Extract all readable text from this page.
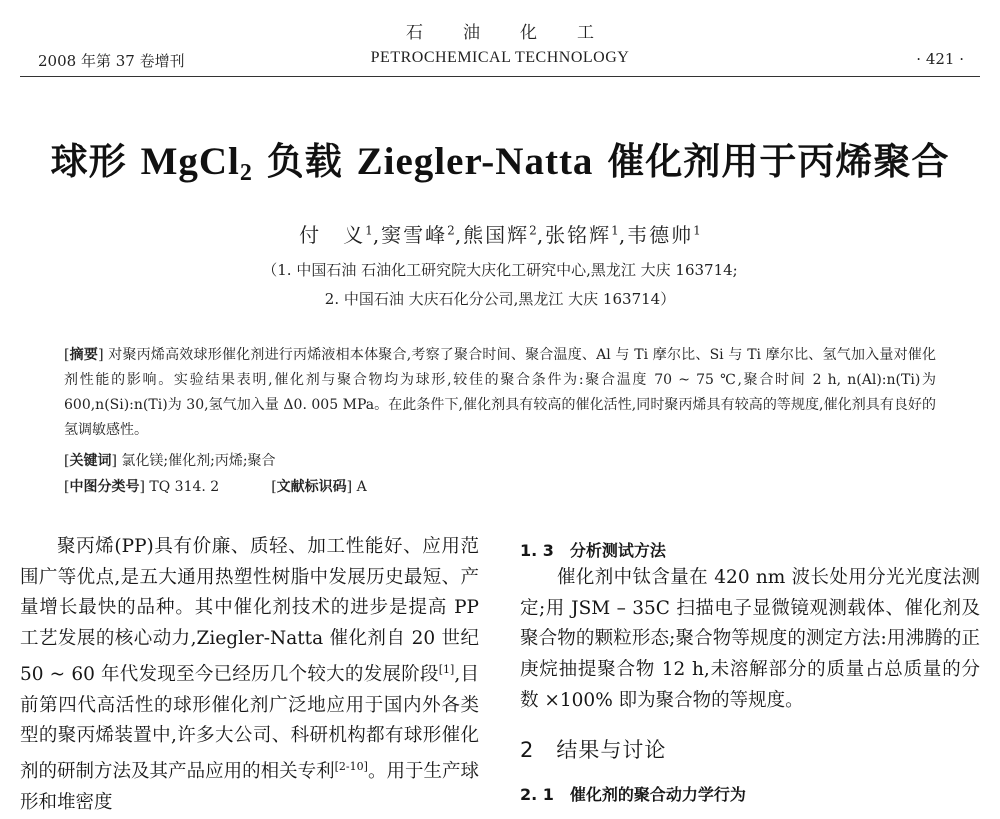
石油化工
2008 年第 37 卷增刊	PETROCHEMICAL TECHNOLOGY	· 421 ·
球形 MgCl$_2$ 负载 Ziegler-Natta 催化剂用于丙烯聚合
付　义$^1$,窦雪峰$^2$,熊国辉$^2$,张铭辉$^1$,韦德帅$^1$
（1. 中国石油 石油化工研究院大庆化工研究中心,黑龙江 大庆 163714;
2. 中国石油 大庆石化分公司,黑龙江 大庆 163714）
[摘要] 对聚丙烯高效球形催化剂进行丙烯液相本体聚合,考察了聚合时间、聚合温度、Al 与 Ti 摩尔比、Si 与 Ti 摩尔比、氢气加入量对催化剂性能的影响。实验结果表明,催化剂与聚合物均为球形,较佳的聚合条件为:聚合温度 70 ~ 75 ℃,聚合时间 2 h, n(Al):n(Ti)为 600,n(Si):n(Ti)为 30,氢气加入量 Δ0. 005 MPa。在此条件下,催化剂具有较高的催化活性,同时聚丙烯具有较高的等规度,催化剂具有良好的氢调敏感性。
[关键词] 氯化镁;催化剂;丙烯;聚合
[中图分类号] TQ 314. 2	[文献标识码] A
聚丙烯(PP)具有价廉、质轻、加工性能好、应用范围广等优点,是五大通用热塑性树脂中发展历史最短、产量增长最快的品种。其中催化剂技术的进步是提高 PP 工艺发展的核心动力,Ziegler-Natta 催化剂自 20 世纪 50 ~ 60 年代发现至今已经历几个较大的发展阶段[1],目前第四代高活性的球形催化剂广泛地应用于国内外各类型的聚丙烯装置中,许多大公司、科研机构都有球形催化剂的研制方法及其产品应用的相关专利[2-10]。用于生产球形和堆密度
1. 3　分析测试方法
催化剂中钛含量在 420 nm 波长处用分光光度法测定;用 JSM – 35C 扫描电子显微镜观测载体、催化剂及聚合物的颗粒形态;聚合物等规度的测定方法:用沸腾的正庚烷抽提聚合物 12 h,未溶解部分的质量占总质量的分数 ×100% 即为聚合物的等规度。
2　结果与讨论
2. 1　催化剂的聚合动力学行为
